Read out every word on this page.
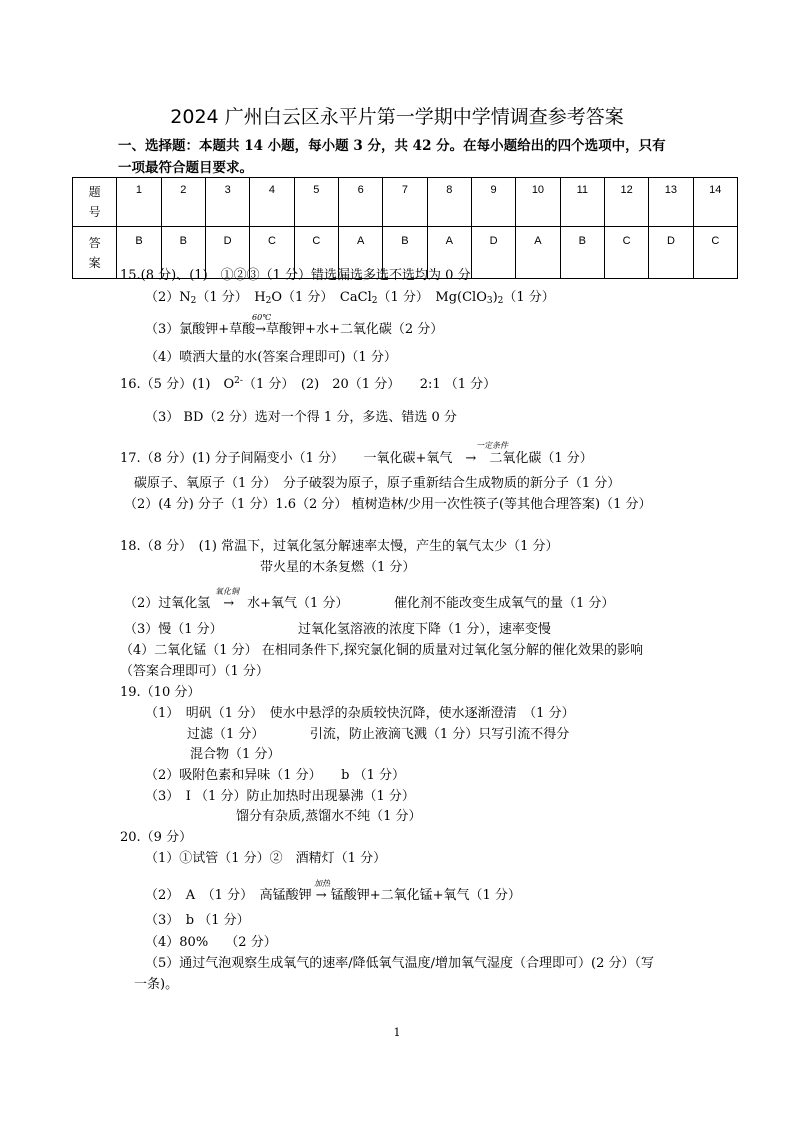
2024 广州白云区永平片第一学期中学情调查参考答案
一、选择题：本题共 14 小题，每小题 3 分，共 42 分。在每小题给出的四个选项中，只有
一项最符合题目要求。
题
号	1	2	3	4	5	6	7	8	9	10	11	12	13	14
答
案	B	B	D	C	C	A	B	A	D	A	B	C	D	C
15.(8 分)、(1)　①②③（1 分）错选漏选多选不选均为 0 分
$(2)N_2(1$ 分）　$H_2O(1$ 分）　CaCl$_2$（1 分）　$Mg(ClO_3)_2(1$ 分）
60℃
（3）氯酸钾+草酸→草酸钾+水+二氧化碳（2 分）
（4）喷洒大量的水(答案合理即可)（1 分）
16.（5 分）(1)　$O^{2-}(1$ 分）　(2)　20（1 分）　　2:1 （1 分）
（3） BD（2 分）选对一个得 1 分，多选、错选 0 分
一定条件
17.（8 分）(1) 分子间隔变小（1 分）　　一氧化碳+氧气　→　二氧化碳（1 分）
碳原子、氧原子（1 分）　分子破裂为原子，原子重新结合生成物质的新分子（1 分）
（2）(4 分) 分子（1 分）1.6（2 分） 植树造林/少用一次性筷子(等其他合理答案)（1 分）
18.（8 分）　(1) 常温下，过氧化氢分解速率太慢，产生的氧气太少（1 分）
带火星的木条复燃（1 分）
氧化铜
（2）过氧化氢　→　水+氧气（1 分）　　　　催化剂不能改变生成氧气的量（1 分）
（3）慢（1 分）	过氧化氢溶液的浓度下降（1 分），速率变慢
（4）二氧化锰（1 分） 在相同条件下,探究氯化铜的质量对过氧化氢分解的催化效果的影响
（答案合理即可）（1 分）
19.（10 分）
（1）　明矾（1 分）　使水中悬浮的杂质较快沉降，使水逐渐澄清　（1 分）
过滤（1 分）　　　　引流，防止液滴飞溅（1 分）只写引流不得分
混合物（1 分）
（2）吸附色素和异味（1 分）　　b （1 分）
（3）　I （1 分）防止加热时出现暴沸（1 分）
馏分有杂质,蒸馏水不纯（1 分）
20.（9 分）
（1）①试管（1 分）②　酒精灯（1 分）
加热
（2）　A　（1 分）　高锰酸钾 → 锰酸钾+二氧化锰+氧气（1 分）
（3）　b （1 分）
（4）80%　 （2 分）
（5）通过气泡观察生成氧气的速率/降低氧气温度/增加氧气湿度（合理即可）(2 分）（写
一条)。
1
